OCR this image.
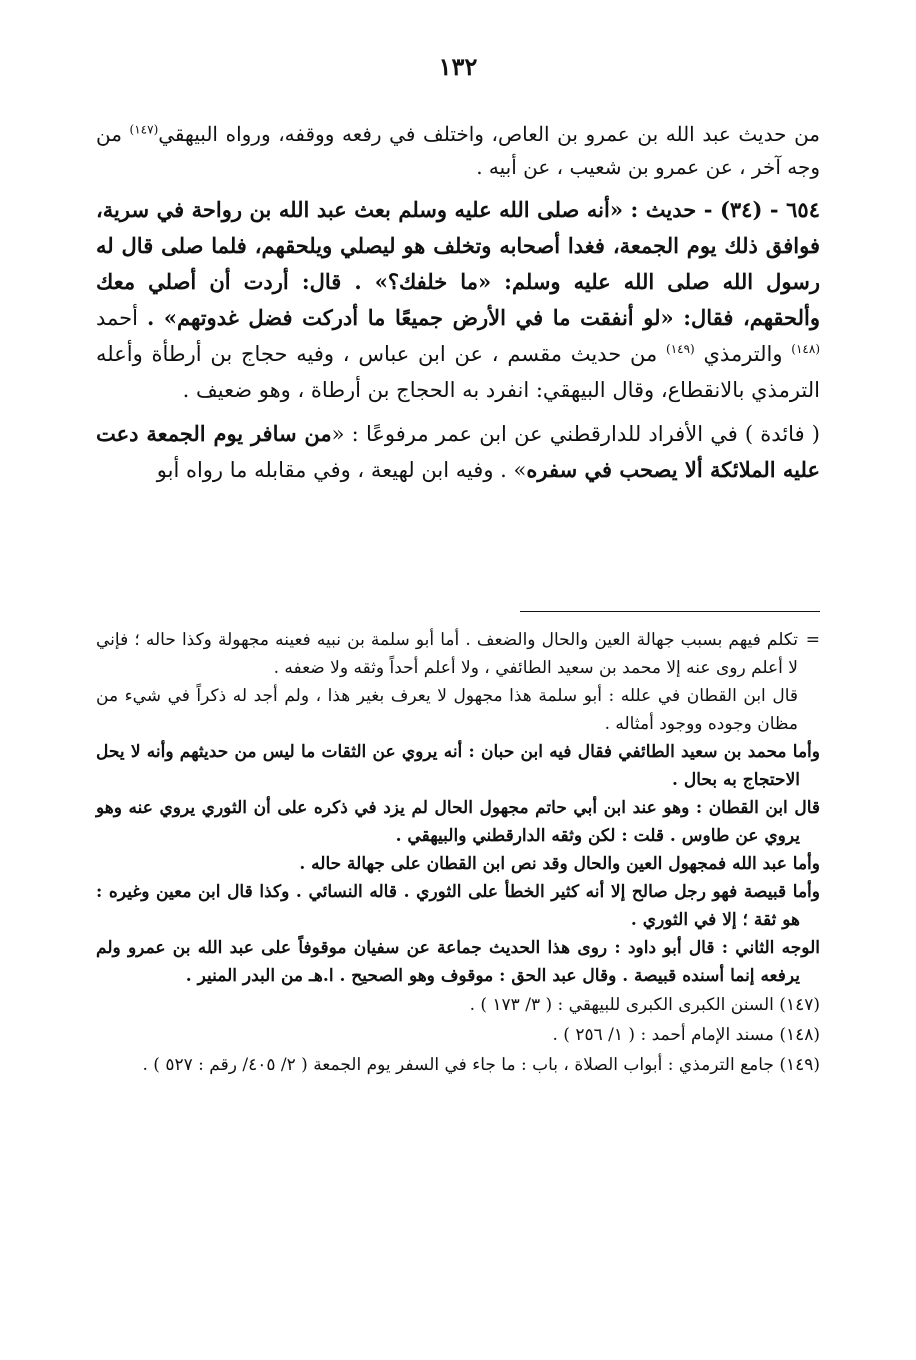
١٣٢

من حديث عبد الله بن عمرو بن العاص، واختلف في رفعه ووقفه، ورواه البيهقي$^{(١٤٧)}$ من وجه آخر ، عن عمرو بن شعيب ، عن أبيه .

٦٥٤ - (٣٤) - حديث : «أنه صلى الله عليه وسلم بعث عبد الله بن رواحة في سرية، فوافق ذلك يوم الجمعة، فغدا أصحابه وتخلف هو ليصلي ويلحقهم، فلما صلى قال له رسول الله صلى الله عليه وسلم: «ما خلفك؟» . قال: أردت أن أصلي معك وألحقهم، فقال: «لو أنفقت ما في الأرض جميعًا ما أدركت فضل غدوتهم» . أحمد $^{(١٤٨)}$ والترمذي $^{(١٤٩)}$ من حديث مقسم ، عن ابن عباس ، وفيه حجاج بن أرطأة وأعله الترمذي بالانقطاع، وقال البيهقي: انفرد به الحجاج بن أرطاة ، وهو ضعيف .

( فائدة ) في الأفراد للدارقطني عن ابن عمر مرفوعًا : «من سافر يوم الجمعة دعت عليه الملائكة ألا يصحب في سفره» . وفيه ابن لهيعة ، وفي مقابله ما رواه أبو

=
تكلم فيهم بسبب جهالة العين والحال والضعف . أما أبو سلمة بن نبيه فعينه مجهولة وكذا حاله ؛ فإني لا أعلم روى عنه إلا محمد بن سعيد الطائفي ، ولا أعلم أحداً وثقه ولا ضعفه .

قال ابن القطان في علله : أبو سلمة هذا مجهول لا يعرف بغير هذا ، ولم أجد له ذكراً في شيء من مظان وجوده ووجود أمثاله .

وأما محمد بن سعيد الطائفي فقال فيه ابن حبان : أنه يروي عن الثقات ما ليس من حديثهم وأنه لا يحل الاحتجاج به بحال .

قال ابن القطان : وهو عند ابن أبي حاتم مجهول الحال لم يزد في ذكره على أن الثوري يروي عنه وهو يروي عن طاوس . قلت : لكن وثقه الدارقطني والبيهقي .

وأما عبد الله فمجهول العين والحال وقد نص ابن القطان على جهالة حاله .

وأما قبيصة فهو رجل صالح إلا أنه كثير الخطأ على الثوري . قاله النسائي . وكذا قال ابن معين وغيره : هو ثقة ؛ إلا في الثوري .

الوجه الثاني : قال أبو داود : روى هذا الحديث جماعة عن سفيان موقوفاً على عبد الله بن عمرو ولم يرفعه إنما أسنده قبيصة . وقال عبد الحق : موقوف وهو الصحيح . ا.هـ من البدر المنير .

(١٤٧) السنن الكبرى الكبرى للبيهقي : ( ٣/ ١٧٣ ) .

(١٤٨) مسند الإمام أحمد : ( ١/ ٢٥٦ ) .

(١٤٩) جامع الترمذي : أبواب الصلاة ، باب : ما جاء في السفر يوم الجمعة ( ٢/ ٤٠٥/ رقم : ٥٢٧ ) .
